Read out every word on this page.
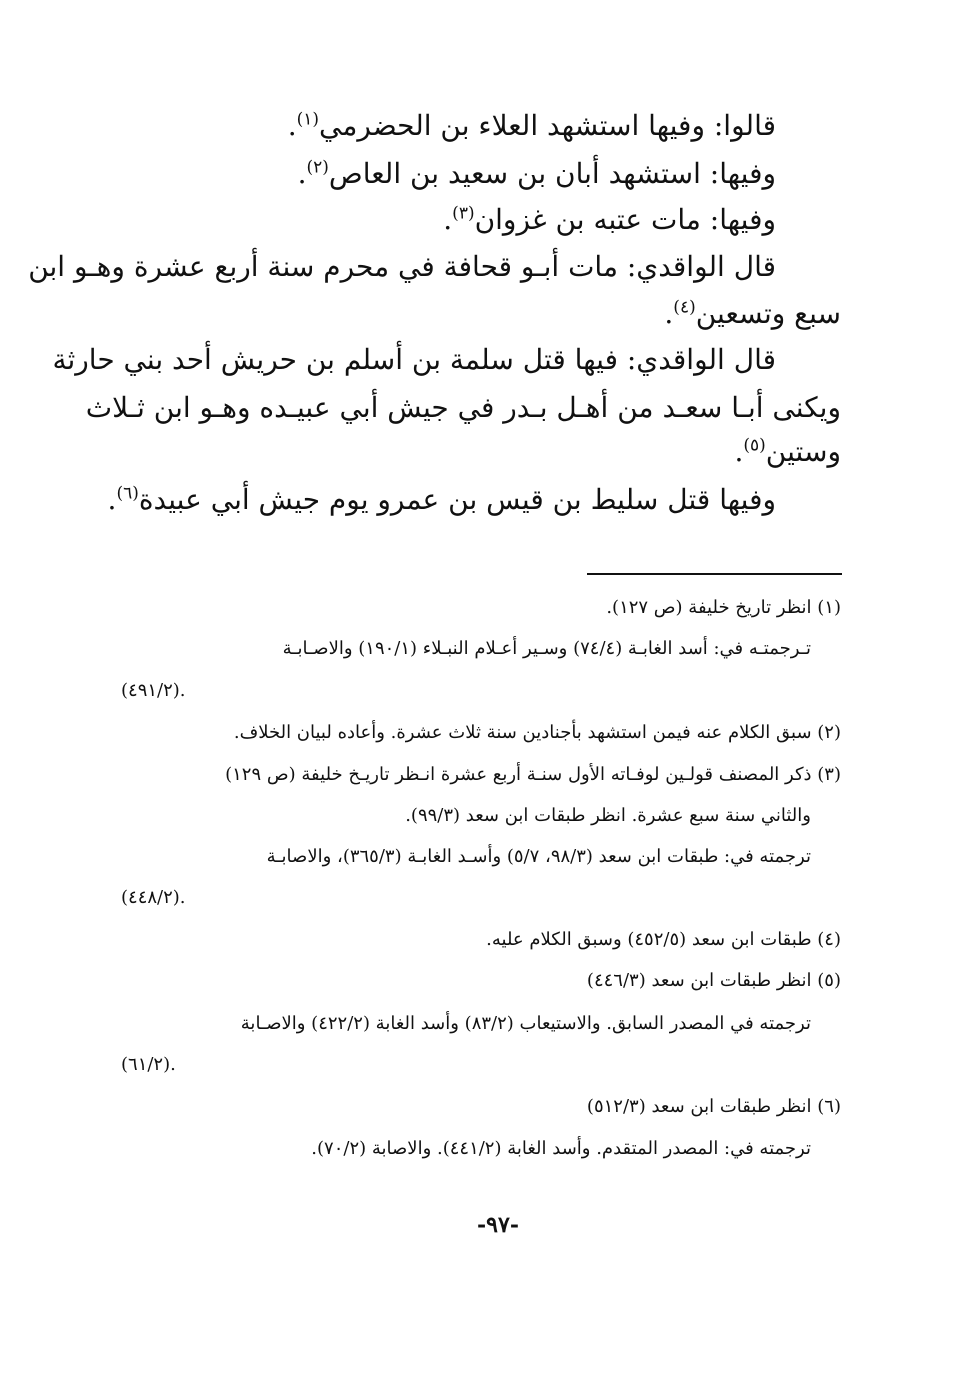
قالوا: وفيها استشهد العلاء بن الحضرمي$^{(١)}$.
وفيها: استشهد أبان بن سعيد بن العاص$^{(٢)}$.
وفيها: مات عتبه بن غزوان$^{(٣)}$.
قال الواقدي: مات أبـو قحافة في محرم سنة أربع عشرة وهـو ابن
سبع وتسعين$^{(٤)}$.
قال الواقدي: فيها قتل سلمة بن أسلم بن حريش أحد بني حارثة
ويكنى أبـا سعـد من أهـل بـدر في جيش أبي عبيـده وهـو ابن ثـلاث
وستين$^{(٥)}$.
وفيها قتل سليط بن قيس بن عمرو يوم جيش أبي عبيدة$^{(٦)}$.
(١) انظر تاريخ خليفة (ص ١٢٧).
تـرجمتـه في: أسد الغابـة (٧٤/٤) وسـير أعـلام النبـلاء (١٩٠/١) والاصـابـة
(٤٩١/٢).
(٢) سبق الكلام عنه فيمن استشهد بأجنادين سنة ثلاث عشرة. وأعاده لبيان الخلاف.
(٣) ذكر المصنف قولـين لوفـاته الأول سنـة أربع عشرة انـظر تاريـخ خليفة (ص ١٢٩)
والثاني سنة سبع عشرة. انظر طبقات ابن سعد (٩٩/٣).
ترجمته في: طبقات ابن سعد (٩٨/٣، ٥/٧) وأسـد الغابـة (٣٦٥/٣)، والاصابـة
(٤٤٨/٢).
(٤) طبقات ابن سعد (٤٥٢/٥) وسبق الكلام عليه.
(٥) انظر طبقات ابن سعد (٤٤٦/٣)
ترجمته في المصدر السابق. والاستيعاب (٨٣/٢) وأسد الغابة (٤٢٢/٢) والاصـابة
(٦١/٢).
(٦) انظر طبقات ابن سعد (٥١٢/٣)
ترجمته في: المصدر المتقدم. وأسد الغابة (٤٤١/٢). والاصابة (٧٠/٢).
-٩٧-
